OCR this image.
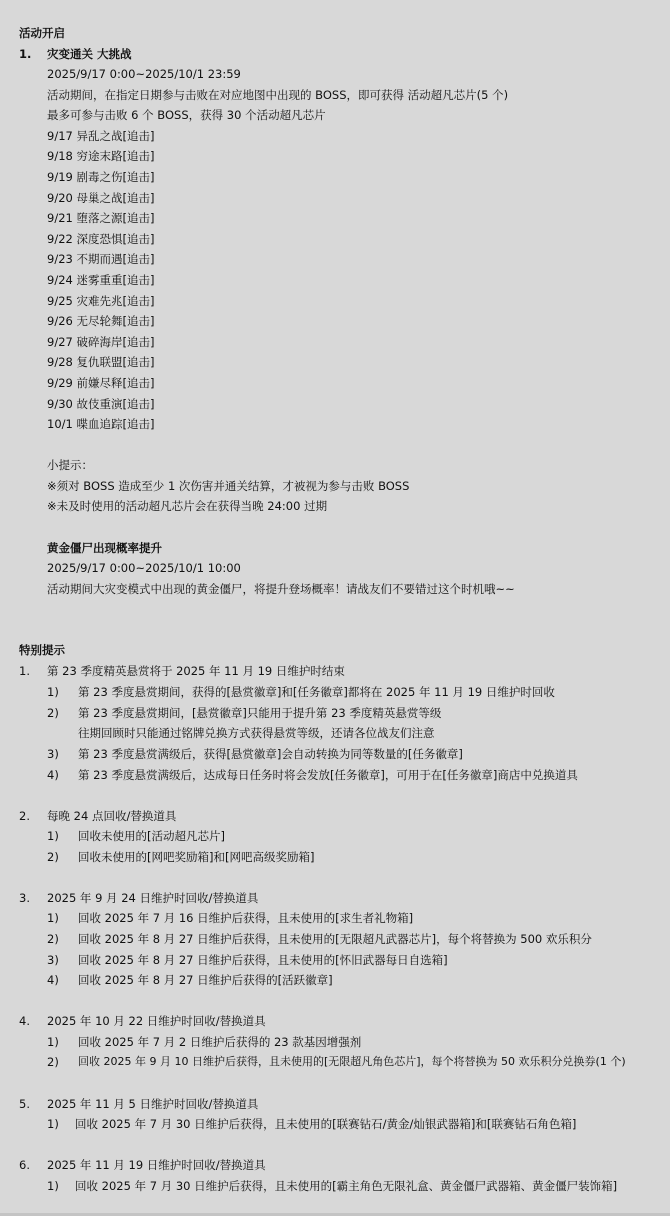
活动开启
1. 灾变通关 大挑战
2025/9/17 0:00~2025/10/1 23:59
活动期间，在指定日期参与击败在对应地图中出现的 BOSS，即可获得 活动超凡芯片(5 个)
最多可参与击败 6 个 BOSS，获得 30 个活动超凡芯片
9/17 异乱之战[追击]
9/18 穷途末路[追击]
9/19 剧毒之伤[追击]
9/20 母巢之战[追击]
9/21 堕落之源[追击]
9/22 深度恐惧[追击]
9/23 不期而遇[追击]
9/24 迷雾重重[追击]
9/25 灾难先兆[追击]
9/26 无尽轮舞[追击]
9/27 破碎海岸[追击]
9/28 复仇联盟[追击]
9/29 前嫌尽释[追击]
9/30 故伎重演[追击]
10/1 喋血追踪[追击]
小提示：
※须对 BOSS 造成至少 1 次伤害并通关结算，才被视为参与击败 BOSS
※未及时使用的活动超凡芯片会在获得当晚 24:00 过期
黄金僵尸出现概率提升
2025/9/17 0:00~2025/10/1 10:00
活动期间大灾变模式中出现的黄金僵尸，将提升登场概率！请战友们不要错过这个时机哦~~
特别提示
1. 第 23 季度精英悬赏将于 2025 年 11 月 19 日维护时结束
1) 第 23 季度悬赏期间，获得的[悬赏徽章]和[任务徽章]都将在 2025 年 11 月 19 日维护时回收
2) 第 23 季度悬赏期间，[悬赏徽章]只能用于提升第 23 季度精英悬赏等级
往期回顾时只能通过铭牌兑换方式获得悬赏等级，还请各位战友们注意
3) 第 23 季度悬赏满级后，获得[悬赏徽章]会自动转换为同等数量的[任务徽章]
4) 第 23 季度悬赏满级后，达成每日任务时将会发放[任务徽章]，可用于在[任务徽章]商店中兑换道具
2. 每晚 24 点回收/替换道具
1) 回收未使用的[活动超凡芯片]
2) 回收未使用的[网吧奖励箱]和[网吧高级奖励箱]
3. 2025 年 9 月 24 日维护时回收/替换道具
1) 回收 2025 年 7 月 16 日维护后获得，且未使用的[求生者礼物箱]
2) 回收 2025 年 8 月 27 日维护后获得，且未使用的[无限超凡武器芯片]，每个将替换为 500 欢乐积分
3) 回收 2025 年 8 月 27 日维护后获得，且未使用的[怀旧武器每日自选箱]
4) 回收 2025 年 8 月 27 日维护后获得的[活跃徽章]
4. 2025 年 10 月 22 日维护时回收/替换道具
1) 回收 2025 年 7 月 2 日维护后获得的 23 款基因增强剂
2) 回收 2025 年 9 月 10 日维护后获得，且未使用的[无限超凡角色芯片]，每个将替换为 50 欢乐积分兑换券(1 个)
5. 2025 年 11 月 5 日维护时回收/替换道具
1) 回收 2025 年 7 月 30 日维护后获得，且未使用的[联赛钻石/黄金/灿银武器箱]和[联赛钻石角色箱]
6. 2025 年 11 月 19 日维护时回收/替换道具
1) 回收 2025 年 7 月 30 日维护后获得，且未使用的[霸主角色无限礼盒、黄金僵尸武器箱、黄金僵尸装饰箱]
